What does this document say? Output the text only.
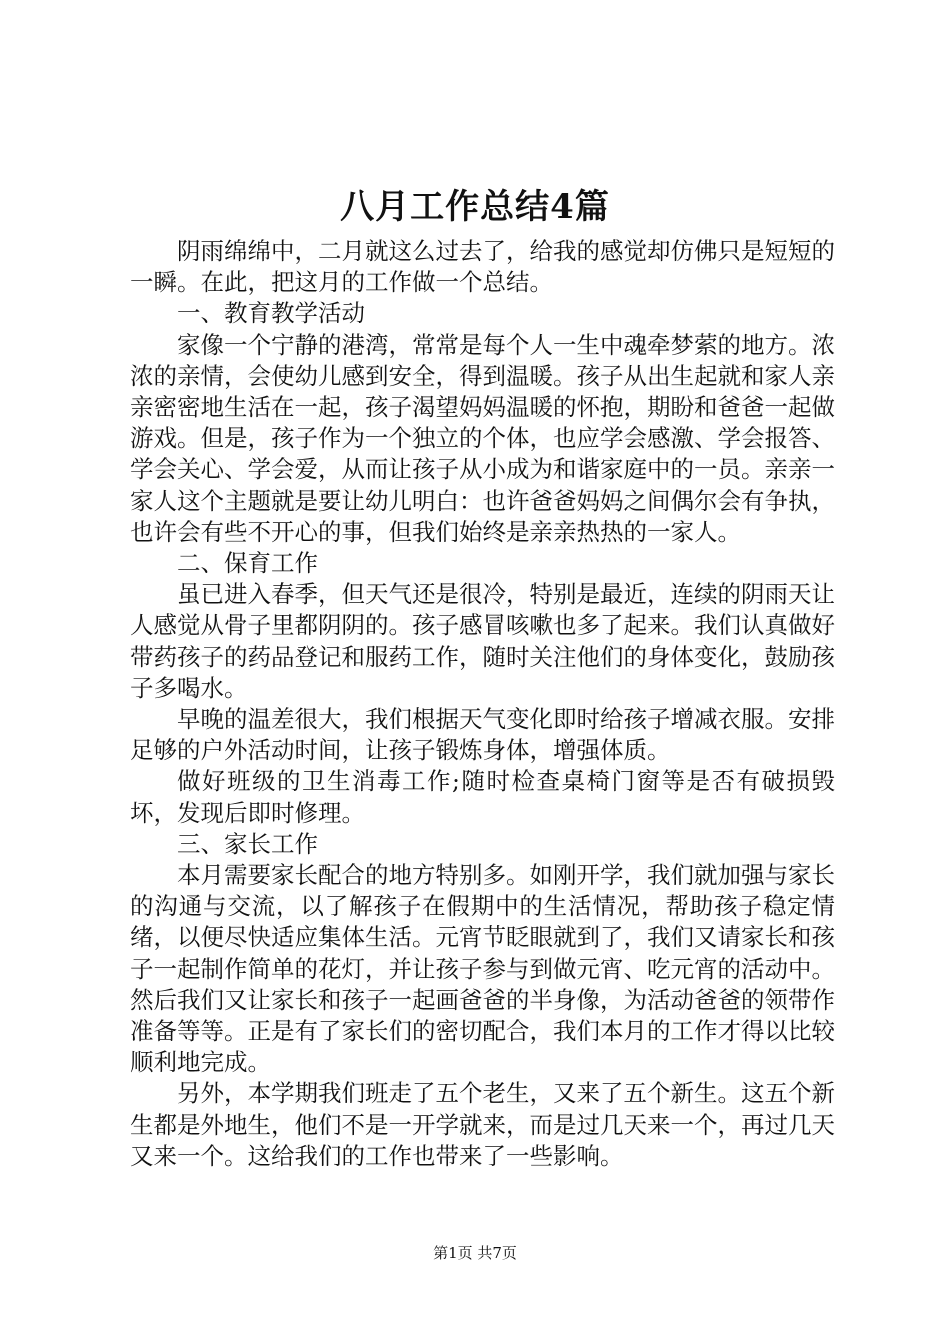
八月工作总结4篇

阴雨绵绵中，二月就这么过去了，给我的感觉却仿佛只是短短的一瞬。在此，把这月的工作做一个总结。

一、教育教学活动

家像一个宁静的港湾，常常是每个人一生中魂牵梦萦的地方。浓浓的亲情，会使幼儿感到安全，得到温暖。孩子从出生起就和家人亲亲密密地生活在一起，孩子渴望妈妈温暖的怀抱，期盼和爸爸一起做游戏。但是，孩子作为一个独立的个体，也应学会感激、学会报答、学会关心、学会爱，从而让孩子从小成为和谐家庭中的一员。亲亲一家人这个主题就是要让幼儿明白：也许爸爸妈妈之间偶尔会有争执，也许会有些不开心的事，但我们始终是亲亲热热的一家人。

二、保育工作

虽已进入春季，但天气还是很冷，特别是最近，连续的阴雨天让人感觉从骨子里都阴阴的。孩子感冒咳嗽也多了起来。我们认真做好带药孩子的药品登记和服药工作，随时关注他们的身体变化，鼓励孩子多喝水。

早晚的温差很大，我们根据天气变化即时给孩子增减衣服。安排足够的户外活动时间，让孩子锻炼身体，增强体质。

做好班级的卫生消毒工作;随时检查桌椅门窗等是否有破损毁坏，发现后即时修理。

三、家长工作

本月需要家长配合的地方特别多。如刚开学，我们就加强与家长的沟通与交流，以了解孩子在假期中的生活情况，帮助孩子稳定情绪，以便尽快适应集体生活。元宵节眨眼就到了，我们又请家长和孩子一起制作简单的花灯，并让孩子参与到做元宵、吃元宵的活动中。然后我们又让家长和孩子一起画爸爸的半身像，为活动爸爸的领带作准备等等。正是有了家长们的密切配合，我们本月的工作才得以比较顺利地完成。

另外，本学期我们班走了五个老生，又来了五个新生。这五个新生都是外地生，他们不是一开学就来，而是过几天来一个，再过几天又来一个。这给我们的工作也带来了一些影响。

第1页 共7页
